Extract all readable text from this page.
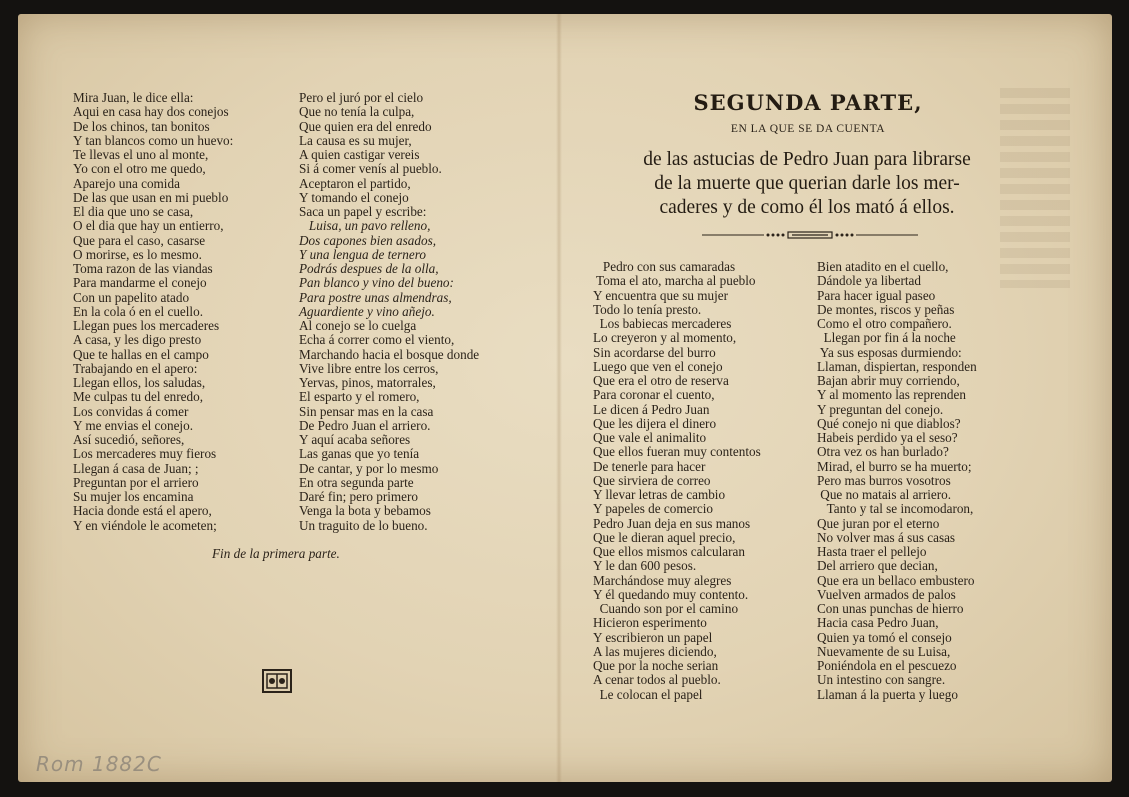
Mira Juan, le dice ella:
Aqui en casa hay dos conejos
De los chinos, tan bonitos
Y tan blancos como un huevo:
Te llevas el uno al monte,
Yo con el otro me quedo,
Aparejo una comida
De las que usan en mi pueblo
El dia que uno se casa,
O el dia que hay un entierro,
Que para el caso, casarse
O morirse, es lo mesmo.
Toma razon de las viandas
Para mandarme el conejo
Con un papelito atado
En la cola ó en el cuello.
Llegan pues los mercaderes
A casa, y les digo presto
Que te hallas en el campo
Trabajando en el apero:
Llegan ellos, los saludas,
Me culpas tu del enredo,
Los convidas á comer
Y me envias el conejo.
Así sucedió, señores,
Los mercaderes muy fieros
Llegan á casa de Juan; ;
Preguntan por el arriero
Su mujer los encamina
Hacia donde está el apero,
Y en viéndole le acometen;
Pero el juró por el cielo
Que no tenía la culpa,
Que quien era del enredo
La causa es su mujer,
A quien castigar vereis
Si á comer venís al pueblo.
Aceptaron el partido,
Y tomando el conejo
Saca un papel y escribe:
Luisa, un pavo relleno,
Dos capones bien asados,
Y una lengua de ternero
Podrás despues de la olla,
Pan blanco y vino del bueno:
Para postre unas almendras,
Aguardiente y vino añejo.
Al conejo se lo cuelga
Echa á correr como el viento,
Marchando hacia el bosque donde
Vive libre entre los cerros,
Yervas, pinos, matorrales,
El esparto y el romero,
Sin pensar mas en la casa
De Pedro Juan el arriero.
Y aquí acaba señores
Las ganas que yo tenía
De cantar, y por lo mesmo
En otra segunda parte
Daré fin; pero primero
Venga la bota y bebamos
Un traguito de lo bueno.
Fin de la primera parte.
SEGUNDA PARTE,
EN LA QUE SE DA CUENTA
de las astucias de Pedro Juan para librarse
de la muerte que querian darle los mer-
caderes y de como él los mató á ellos.
Pedro con sus camaradas
Toma el ato, marcha al pueblo
Y encuentra que su mujer
Todo lo tenía presto.
Los babiecas mercaderes
Lo creyeron y al momento,
Sin acordarse del burro
Luego que ven el conejo
Que era el otro de reserva
Para coronar el cuento,
Le dicen á Pedro Juan
Que les dijera el dinero
Que vale el animalito
Que ellos fueran muy contentos
De tenerle para hacer
Que sirviera de correo
Y llevar letras de cambio
Y papeles de comercio
Pedro Juan deja en sus manos
Que le dieran aquel precio,
Que ellos mismos calcularan
Y le dan 600 pesos.
Marchándose muy alegres
Y él quedando muy contento.
Cuando son por el camino
Hicieron esperimento
Y escribieron un papel
A las mujeres diciendo,
Que por la noche serian
A cenar todos al pueblo.
Le colocan el papel
Bien atadito en el cuello,
Dándole ya libertad
Para hacer igual paseo
De montes, riscos y peñas
Como el otro compañero.
Llegan por fin á la noche
Ya sus esposas durmiendo:
Llaman, dispiertan, responden
Bajan abrir muy corriendo,
Y al momento las reprenden
Y preguntan del conejo.
Qué conejo ni que diablos?
Habeis perdido ya el seso?
Otra vez os han burlado?
Mirad, el burro se ha muerto;
Pero mas burros vosotros
Que no matais al arriero.
Tanto y tal se incomodaron,
Que juran por el eterno
No volver mas á sus casas
Hasta traer el pellejo
Del arriero que decian,
Que era un bellaco embustero
Vuelven armados de palos
Con unas punchas de hierro
Hacia casa Pedro Juan,
Quien ya tomó el consejo
Nuevamente de su Luisa,
Poniéndola en el pescuezo
Un intestino con sangre.
Llaman á la puerta y luego
Rom 1882C
